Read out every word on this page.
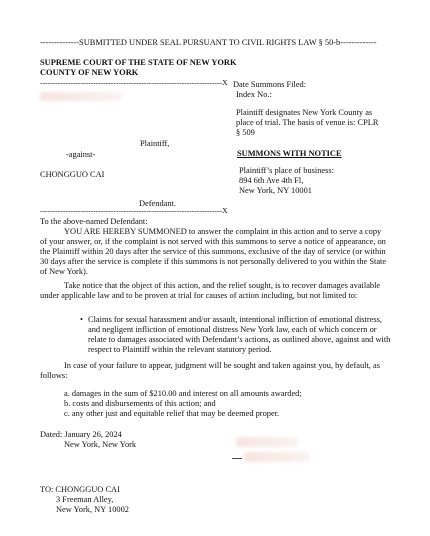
--------------SUBMITTED UNDER SEAL PURSUANT TO CIVIL RIGHTS LAW § 50-b-------------
SUPREME COURT OF THE STATE OF NEW YORK
COUNTY OF NEW YORK
------------------------------------------------------------------------X Date Summons Filed:
Index No.:
Plaintiff designates New York County as place of trial. The basis of venue is: CPLR § 509
Plaintiff,
-against-	SUMMONS WITH NOTICE
CHONGGUO CAI	Plaintiff’s place of business:
894 6th Ave 4th Fl,
New York, NY 10001
Defendant.
------------------------------------------------------------------------X
To the above-named Defendant:
YOU ARE HEREBY SUMMONED to answer the complaint in this action and to serve a copy of your answer, or, if the complaint is not served with this summons to serve a notice of appearance, on the Plaintiff within 20 days after the service of this summons, exclusive of the day of service (or within 30 days after the service is complete if this summons is not personally delivered to you within the State of New York).
Take notice that the object of this action, and the relief sought, is to recover damages available under applicable law and to be proven at trial for causes of action including, but not limited to:
• Claims for sexual harassment and/or assault, intentional infliction of emotional distress, and negligent infliction of emotional distress New York law, each of which concern or relate to damages associated with Defendant’s actions, as outlined above, against and with respect to Plaintiff within the relevant statutory period.
In case of your failure to appear, judgment will be sought and taken against you, by default, as follows:
a. damages in the sum of $210.00 and interest on all amounts awarded;
b. costs and disbursements of this action; and
c. any other just and equitable relief that may be deemed proper.
Dated: January 26, 2024
New York, New York
TO: CHONGGUO CAI
3 Freeman Alley,
New York, NY 10002
